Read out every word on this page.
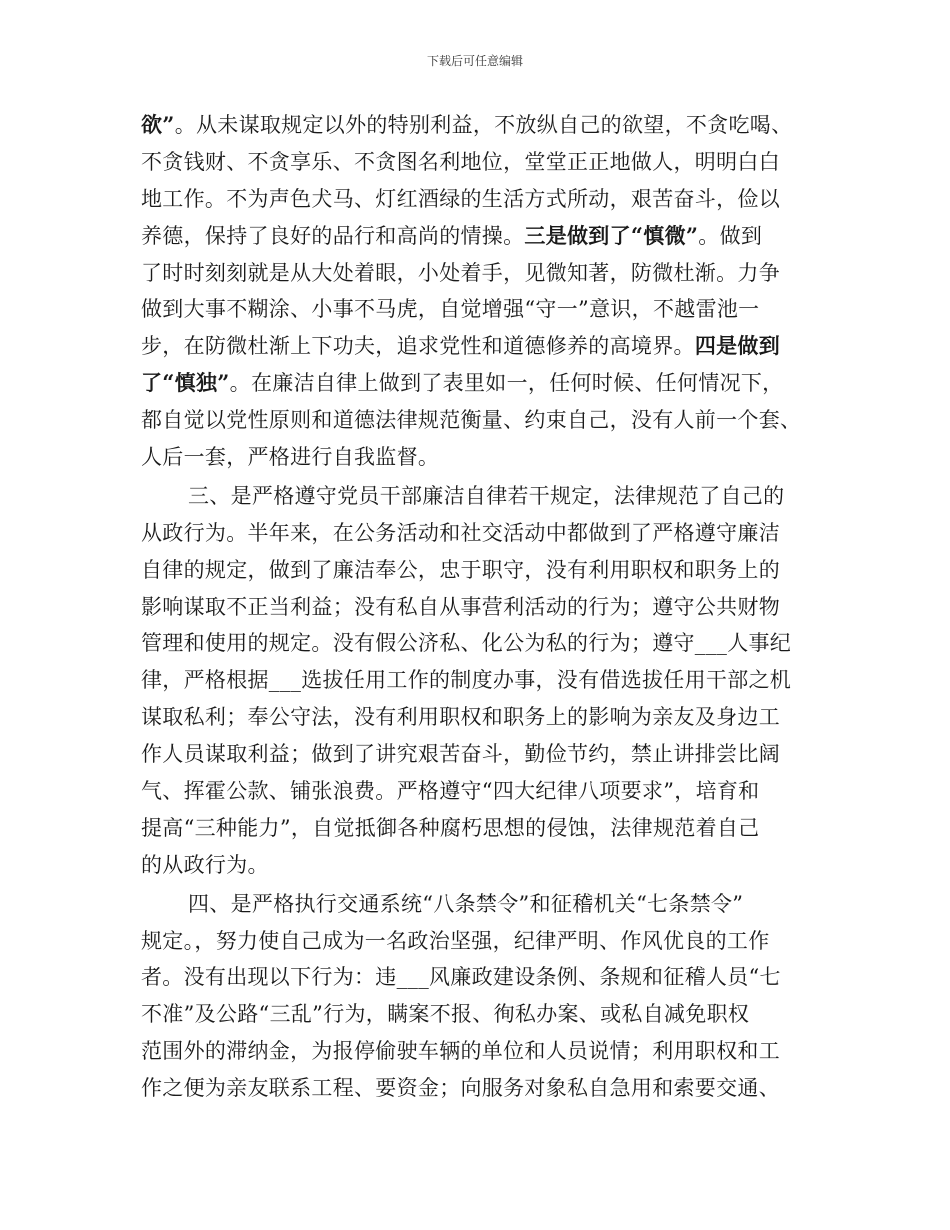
下载后可任意编辑
欲”。从未谋取规定以外的特别利益，不放纵自己的欲望，不贪吃喝、
不贪钱财、不贪享乐、不贪图名利地位，堂堂正正地做人，明明白白
地工作。不为声色犬马、灯红酒绿的生活方式所动，艰苦奋斗，俭以
养德，保持了良好的品行和高尚的情操。三是做到了“慎微”。做到
了时时刻刻就是从大处着眼，小处着手，见微知著，防微杜渐。力争
做到大事不糊涂、小事不马虎，自觉增强“守一”意识，不越雷池一
步，在防微杜渐上下功夫，追求党性和道德修养的高境界。四是做到
了“慎独”。在廉洁自律上做到了表里如一，任何时候、任何情况下，
都自觉以党性原则和道德法律规范衡量、约束自己，没有人前一个套、
人后一套，严格进行自我监督。
三、是严格遵守党员干部廉洁自律若干规定，法律规范了自己的
从政行为。半年来，在公务活动和社交活动中都做到了严格遵守廉洁
自律的规定，做到了廉洁奉公，忠于职守，没有利用职权和职务上的
影响谋取不正当利益；没有私自从事营利活动的行为；遵守公共财物
管理和使用的规定。没有假公济私、化公为私的行为；遵守___人事纪
律，严格根据___选拔任用工作的制度办事，没有借选拔任用干部之机
谋取私利；奉公守法，没有利用职权和职务上的影响为亲友及身边工
作人员谋取利益；做到了讲究艰苦奋斗，勤俭节约，禁止讲排尝比阔
气、挥霍公款、铺张浪费。严格遵守“四大纪律八项要求”，培育和
提高“三种能力”，自觉抵御各种腐朽思想的侵蚀，法律规范着自己
的从政行为。
四、是严格执行交通系统“八条禁令”和征稽机关“七条禁令”
规定。，努力使自己成为一名政治坚强，纪律严明、作风优良的工作
者。没有出现以下行为：违___风廉政建设条例、条规和征稽人员“七
不准”及公路“三乱”行为，瞒案不报、徇私办案、或私自减免职权
范围外的滞纳金，为报停偷驶车辆的单位和人员说情；利用职权和工
作之便为亲友联系工程、要资金；向服务对象私自急用和索要交通、
